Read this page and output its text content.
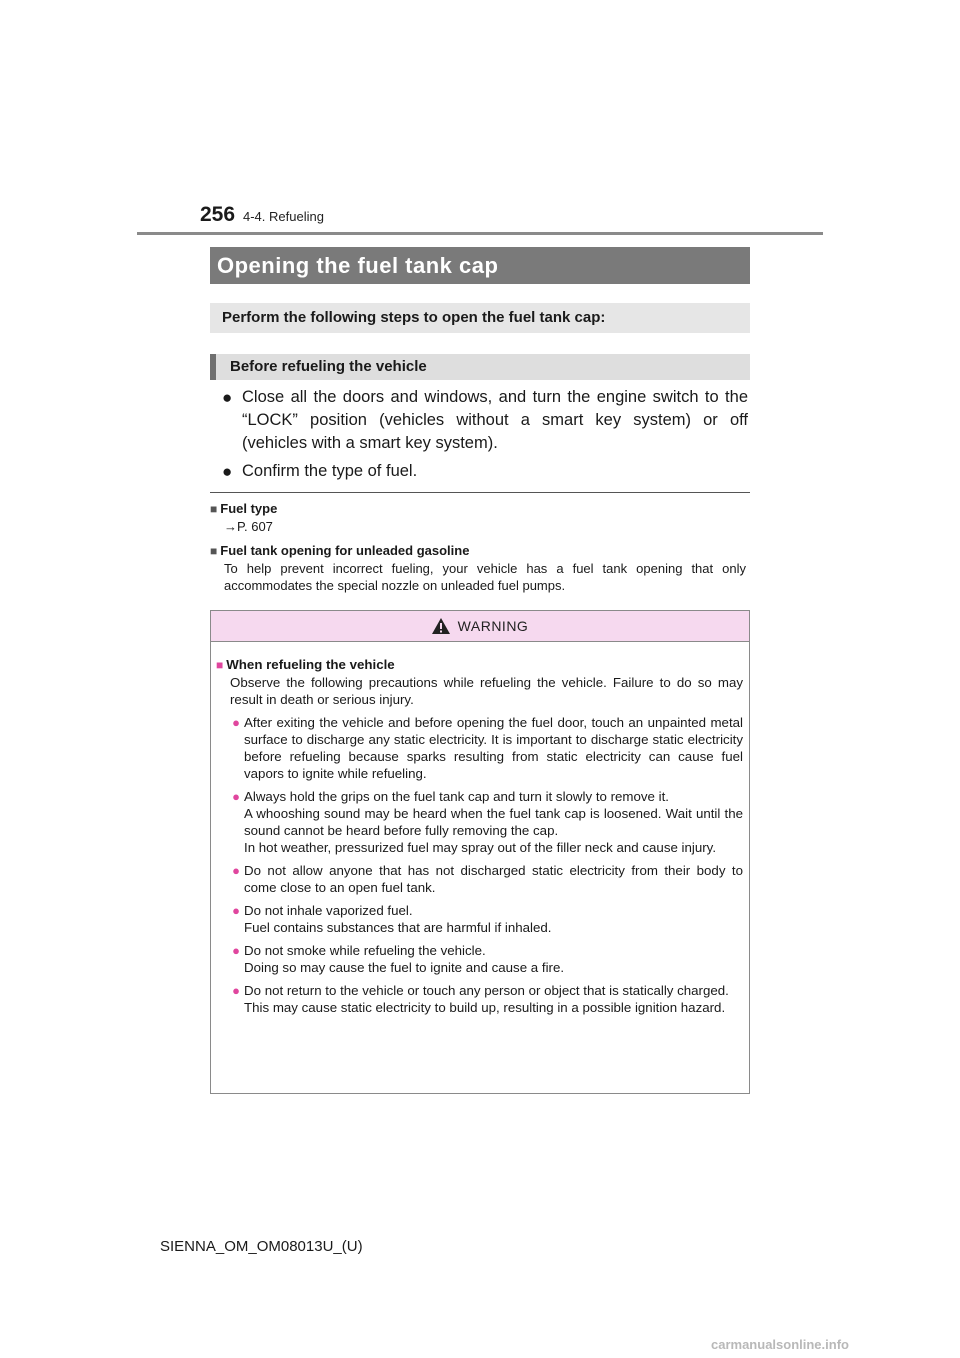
256 4-4. Refueling
Opening the fuel tank cap
Perform the following steps to open the fuel tank cap:
Before refueling the vehicle
● Close all the doors and windows, and turn the engine switch to the “LOCK” position (vehicles without a smart key system) or off (vehicles with a smart key system).
● Confirm the type of fuel.
■ Fuel type
→P. 607
■ Fuel tank opening for unleaded gasoline
To help prevent incorrect fueling, your vehicle has a fuel tank opening that only accommodates the special nozzle on unleaded fuel pumps.
WARNING
■ When refueling the vehicle
Observe the following precautions while refueling the vehicle. Failure to do so may result in death or serious injury.
● After exiting the vehicle and before opening the fuel door, touch an unpainted metal surface to discharge any static electricity. It is important to discharge static electricity before refueling because sparks resulting from static electricity can cause fuel vapors to ignite while refueling.
● Always hold the grips on the fuel tank cap and turn it slowly to remove it.
A whooshing sound may be heard when the fuel tank cap is loosened. Wait until the sound cannot be heard before fully removing the cap.
In hot weather, pressurized fuel may spray out of the filler neck and cause injury.
● Do not allow anyone that has not discharged static electricity from their body to come close to an open fuel tank.
● Do not inhale vaporized fuel.
Fuel contains substances that are harmful if inhaled.
● Do not smoke while refueling the vehicle.
Doing so may cause the fuel to ignite and cause a fire.
● Do not return to the vehicle or touch any person or object that is statically charged.
This may cause static electricity to build up, resulting in a possible ignition hazard.
SIENNA_OM_OM08013U_(U)
carmanualsonline.info
